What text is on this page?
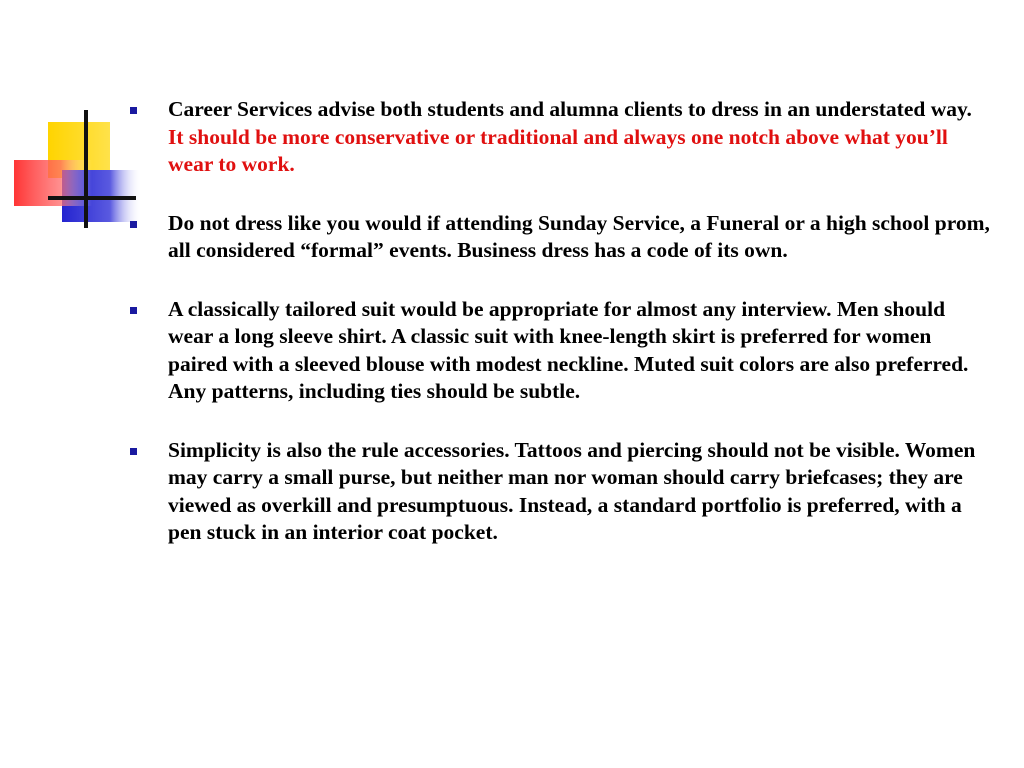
Career Services advise both students and alumna clients to dress in an understated way. It should be more conservative or traditional and always one notch above what you’ll wear to work.
Do not dress like you would if attending Sunday Service, a Funeral or a high school prom, all considered “formal” events. Business dress has a code of its own.
A classically tailored suit would be appropriate for almost any interview. Men should wear a long sleeve shirt. A classic suit with knee-length skirt is preferred for women paired with a sleeved blouse with modest neckline. Muted suit colors are also preferred. Any patterns, including ties should be subtle.
Simplicity is also the rule accessories. Tattoos and piercing should not be visible. Women may carry a small purse, but neither man nor woman should carry briefcases; they are viewed as overkill and presumptuous. Instead, a standard portfolio is preferred, with a pen stuck in an interior coat pocket.
